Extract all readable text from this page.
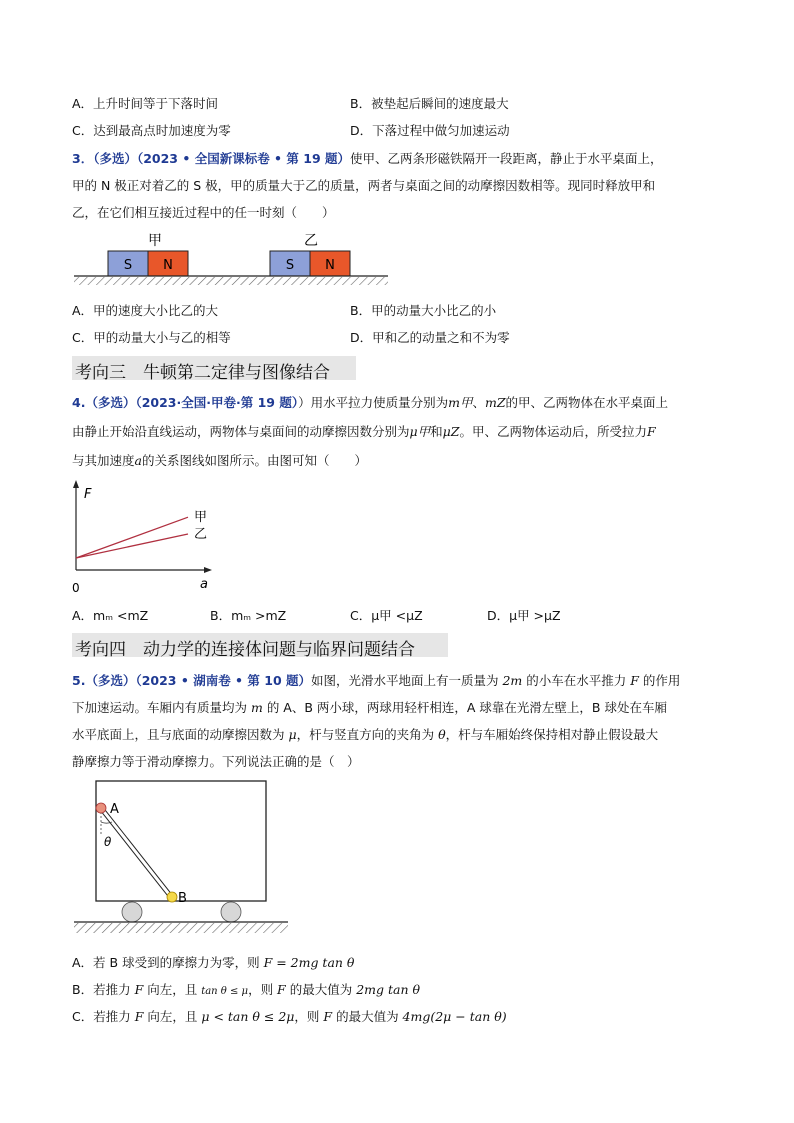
A．上升时间等于下落时间	B．被垫起后瞬间的速度最大
C．达到最高点时加速度为零	D．下落过程中做匀加速运动
3．（多选）（2023 • 全国新课标卷 • 第 19 题）使甲、乙两条形磁铁隔开一段距离，静止于水平桌面上，
甲的 N 极正对着乙的 S 极，甲的质量大于乙的质量，两者与桌面之间的动摩擦因数相等。现同时释放甲和
乙，在它们相互接近过程中的任一时刻（　　）
甲	乙
S N	S N
A．甲的速度大小比乙的大	B．甲的动量大小比乙的小
C．甲的动量大小与乙的相等	D．甲和乙的动量之和不为零
考向三　牛顿第二定律与图像结合
4.（多选）（2023·全国·甲卷·第 19 题））用水平拉力使质量分别为m甲、mZ的甲、乙两物体在水平桌面上
由静止开始沿直线运动，两物体与桌面间的动摩擦因数分别为μ甲和μZ。甲、乙两物体运动后，所受拉力F
与其加速度a的关系图线如图所示。由图可知（　　）
F
a
0
甲
乙
A．mₘ <mZ	B．mₘ >mZ	C．μ甲 <μZ	D．μ甲 >μZ
考向四　动力学的连接体问题与临界问题结合
5.（多选）（2023 • 湖南卷 • 第 10 题）如图，光滑水平地面上有一质量为 2m 的小车在水平推力 F 的作用
下加速运动。车厢内有质量均为 m 的 A、B 两小球，两球用轻杆相连，A 球靠在光滑左壁上，B 球处在车厢
水平底面上，且与底面的动摩擦因数为 μ，杆与竖直方向的夹角为 θ，杆与车厢始终保持相对静止假设最大
静摩擦力等于滑动摩擦力。下列说法正确的是（　）
θ
A
B
A．若 B 球受到的摩擦力为零，则 F = 2mg tan θ
B．若推力 F 向左，且 tan θ ≤ μ，则 F 的最大值为 2mg tan θ
C．若推力 F 向左，且 μ < tan θ ≤ 2μ，则 F 的最大值为 4mg(2μ − tan θ)
